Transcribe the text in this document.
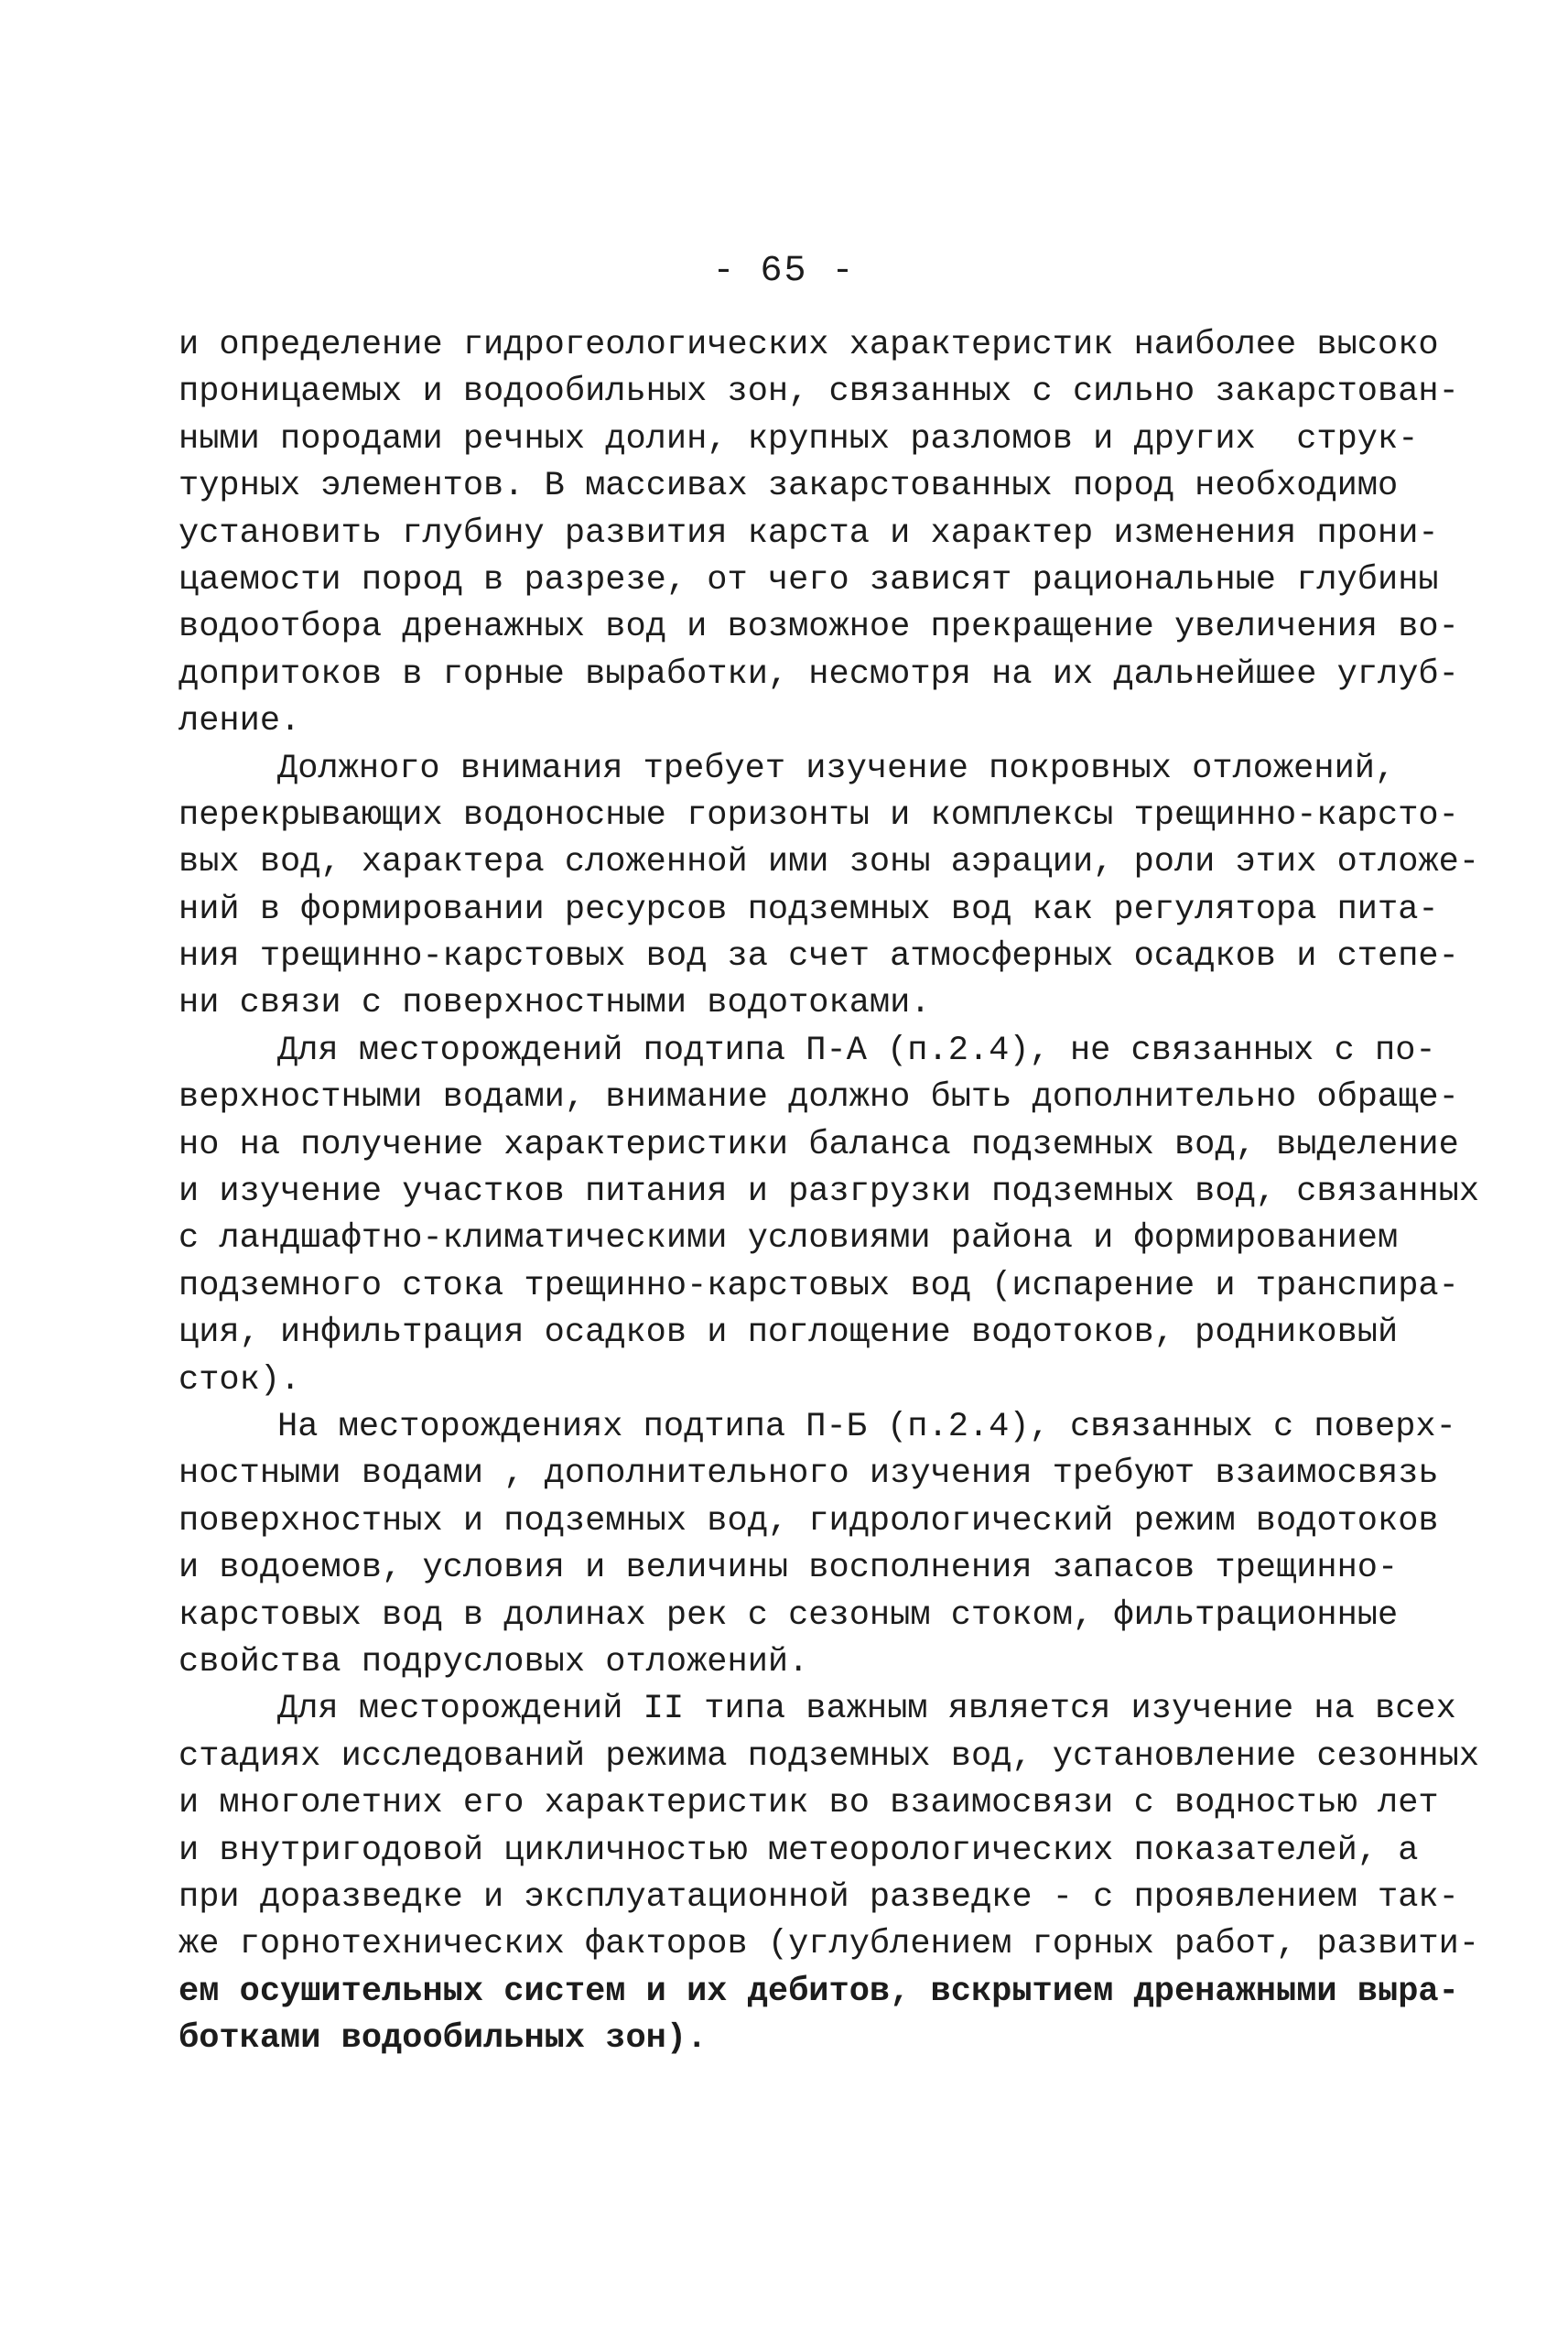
- 65 -
и определение гидрогеологических характеристик наиболее высоко
проницаемых и водообильных зон, связанных с сильно закарстован-
ными породами речных долин, крупных разломов и других  струк-
турных элементов. В массивах закарстованных пород необходимо
установить глубину развития карста и характер изменения прони-
цаемости пород в разрезе, от чего зависят рациональные глубины
водоотбора дренажных вод и возможное прекращение увеличения во-
допритоков в горные выработки, несмотря на их дальнейшее углуб-
ление.
Должного внимания требует изучение покровных отложений,
перекрывающих водоносные горизонты и комплексы трещинно-карсто-
вых вод, характера сложенной ими зоны аэрации, роли этих отложе-
ний в формировании ресурсов подземных вод как регулятора пита-
ния трещинно-карстовых вод за счет атмосферных осадков и степе-
ни связи с поверхностными водотоками.
Для месторождений подтипа П-А (п.2.4), не связанных с по-
верхностными водами, внимание должно быть дополнительно обраще-
но на получение характеристики баланса подземных вод, выделение
и изучение участков питания и разгрузки подземных вод, связанных
с ландшафтно-климатическими условиями района и формированием
подземного стока трещинно-карстовых вод (испарение и транспира-
ция, инфильтрация осадков и поглощение водотоков, родниковый
сток).
На месторождениях подтипа П-Б (п.2.4), связанных с поверх-
ностными водами , дополнительного изучения требуют взаимосвязь
поверхностных и подземных вод, гидрологический режим водотоков
и водоемов, условия и величины восполнения запасов трещинно-
карстовых вод в долинах рек с сезоным стоком, фильтрационные
свойства подрусловых отложений.
Для месторождений II типа важным является изучение на всех
стадиях исследований режима подземных вод, установление сезонных
и многолетних его характеристик во взаимосвязи с водностью лет
и внутригодовой цикличностью метеорологических показателей, а
при доразведке и эксплуатационной разведке - с проявлением так-
же горнотехнических факторов (углублением горных работ, развити-
ем осушительных систем и их дебитов, вскрытием дренажными выра-
ботками водообильных зон).
